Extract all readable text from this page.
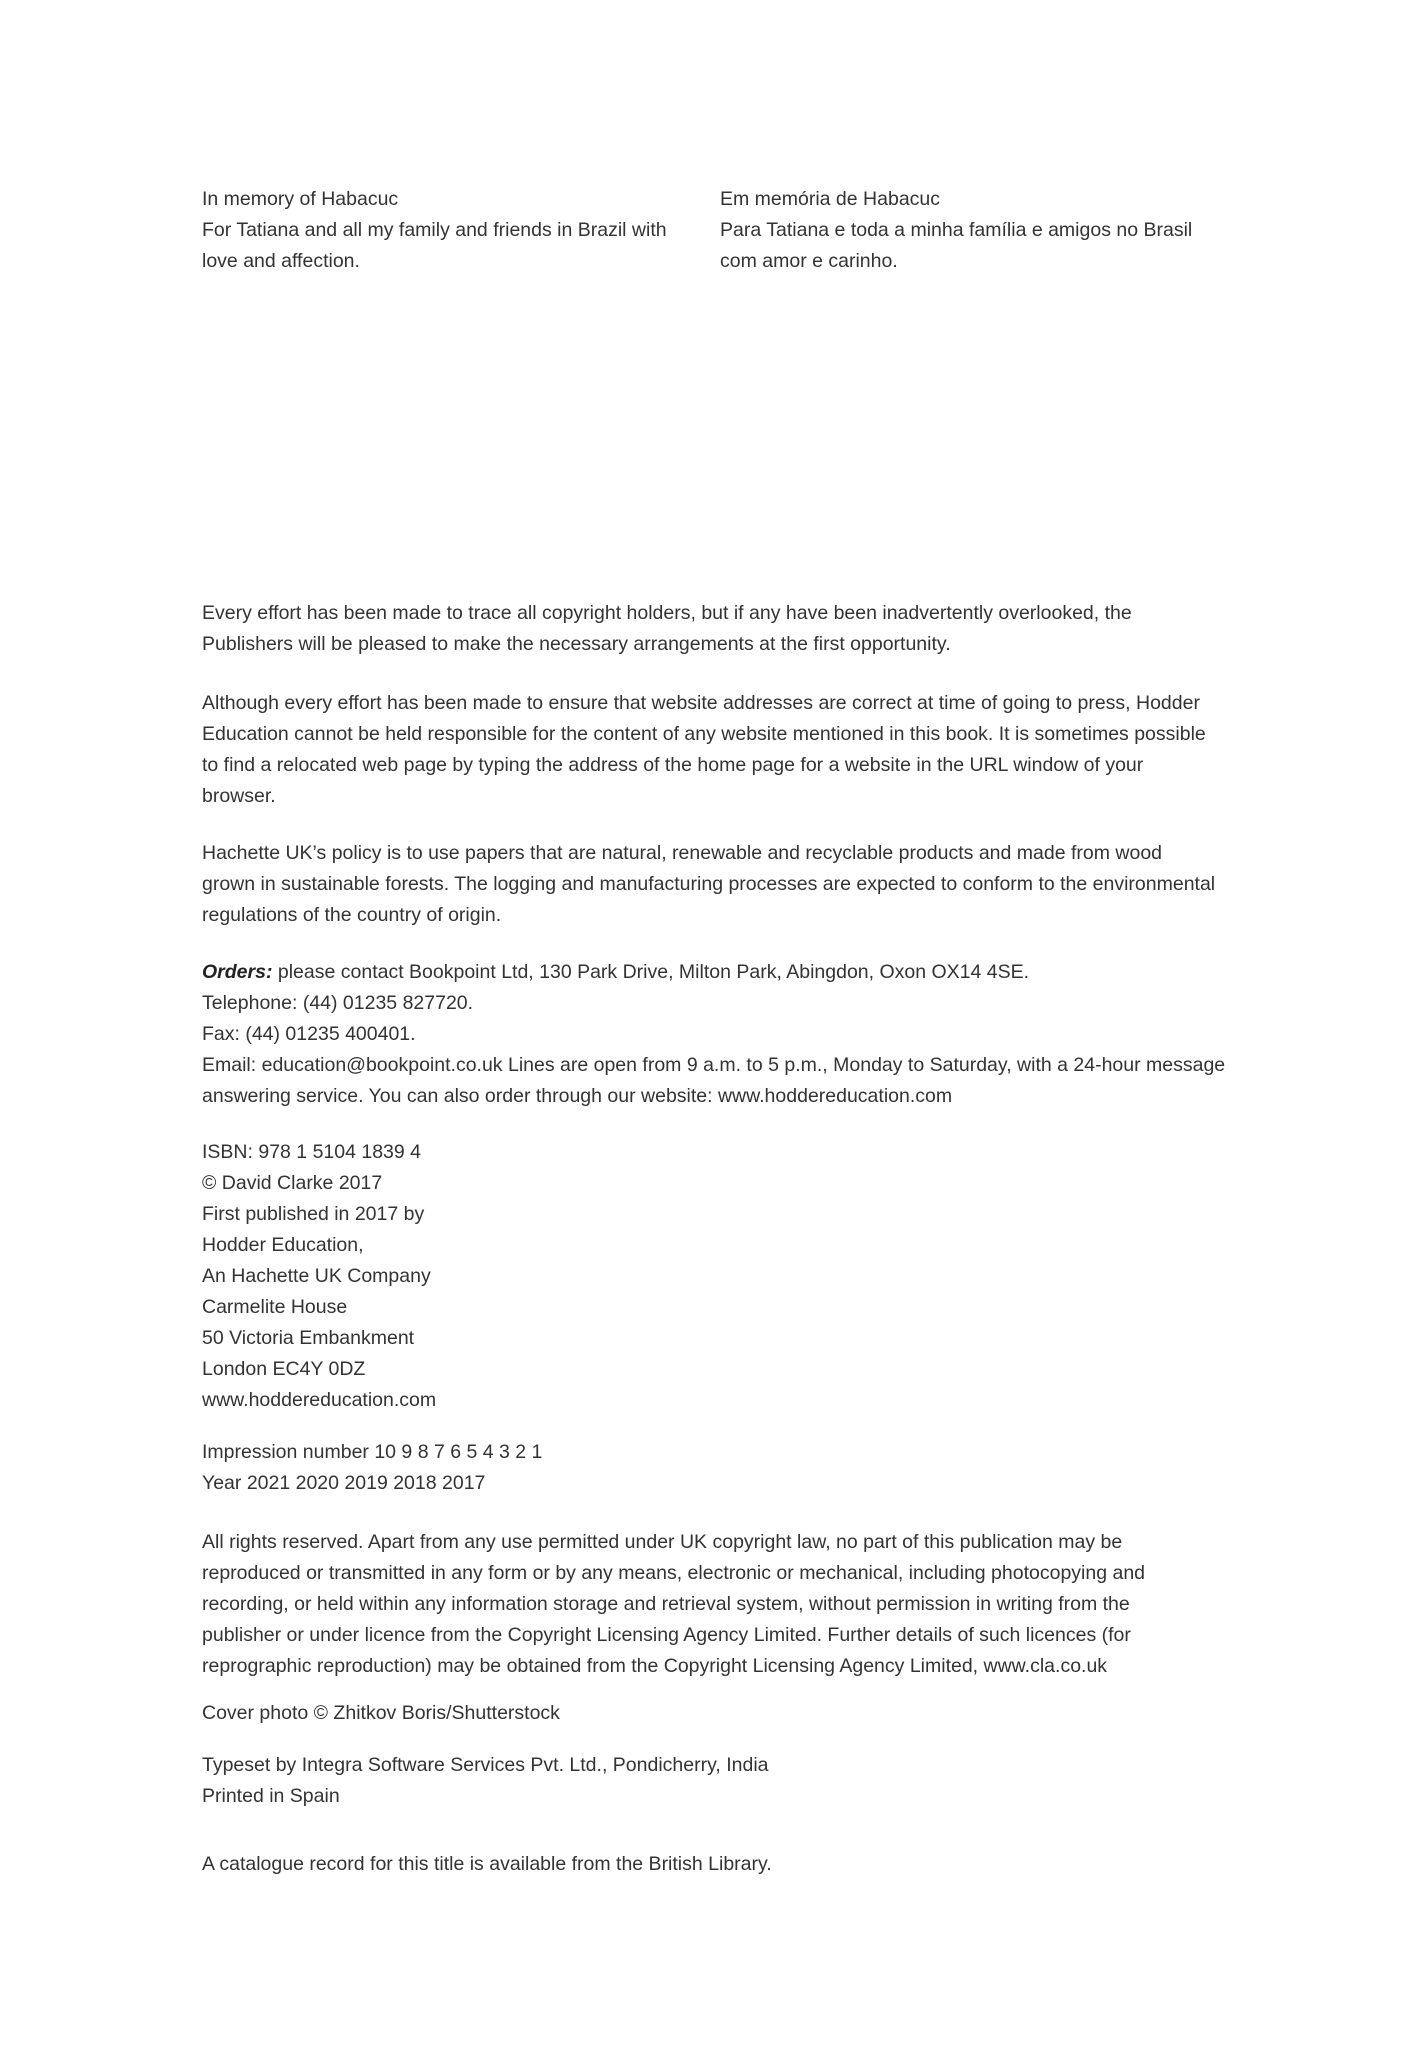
In memory of Habacuc
For Tatiana and all my family and friends in Brazil with
love and affection.
Em memória de Habacuc
Para Tatiana e toda a minha família e amigos no Brasil
com amor e carinho.
Every effort has been made to trace all copyright holders, but if any have been inadvertently overlooked, the
Publishers will be pleased to make the necessary arrangements at the first opportunity.
Although every effort has been made to ensure that website addresses are correct at time of going to press, Hodder
Education cannot be held responsible for the content of any website mentioned in this book. It is sometimes possible
to find a relocated web page by typing the address of the home page for a website in the URL window of your
browser.
Hachette UK’s policy is to use papers that are natural, renewable and recyclable products and made from wood
grown in sustainable forests. The logging and manufacturing processes are expected to conform to the environmental
regulations of the country of origin.
Orders: please contact Bookpoint Ltd, 130 Park Drive, Milton Park, Abingdon, Oxon OX14 4SE.
Telephone: (44) 01235 827720.
Fax: (44) 01235 400401.
Email: education@bookpoint.co.uk Lines are open from 9 a.m. to 5 p.m., Monday to Saturday, with a 24-hour message
answering service. You can also order through our website: www.hoddereducation.com
ISBN: 978 1 5104 1839 4
© David Clarke 2017
First published in 2017 by
Hodder Education,
An Hachette UK Company
Carmelite House
50 Victoria Embankment
London EC4Y 0DZ
www.hoddereducation.com
Impression number 10 9 8 7 6 5 4 3 2 1
Year 2021 2020 2019 2018 2017
All rights reserved. Apart from any use permitted under UK copyright law, no part of this publication may be
reproduced or transmitted in any form or by any means, electronic or mechanical, including photocopying and
recording, or held within any information storage and retrieval system, without permission in writing from the
publisher or under licence from the Copyright Licensing Agency Limited. Further details of such licences (for
reprographic reproduction) may be obtained from the Copyright Licensing Agency Limited, www.cla.co.uk
Cover photo © Zhitkov Boris/Shutterstock
Typeset by Integra Software Services Pvt. Ltd., Pondicherry, India
Printed in Spain
A catalogue record for this title is available from the British Library.
